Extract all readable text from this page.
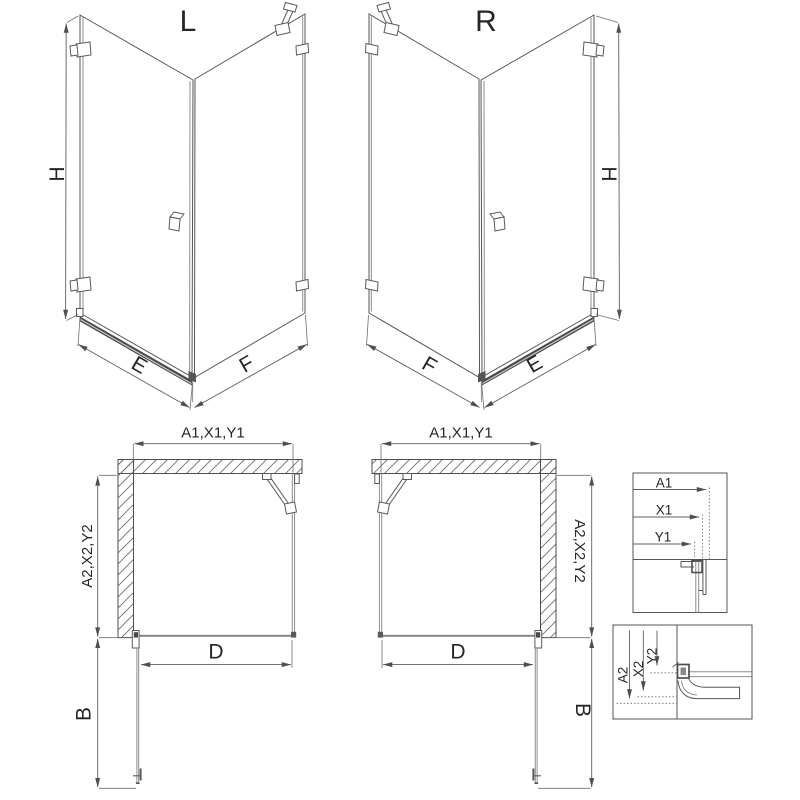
L
H
E	F
R
H
F	E
A1,X1,Y1
A2,X2,Y2
D
B
A1,X1,Y1
A2,X2,Y2
D
B
A1
X1
Y1
A2 X2
Y2
